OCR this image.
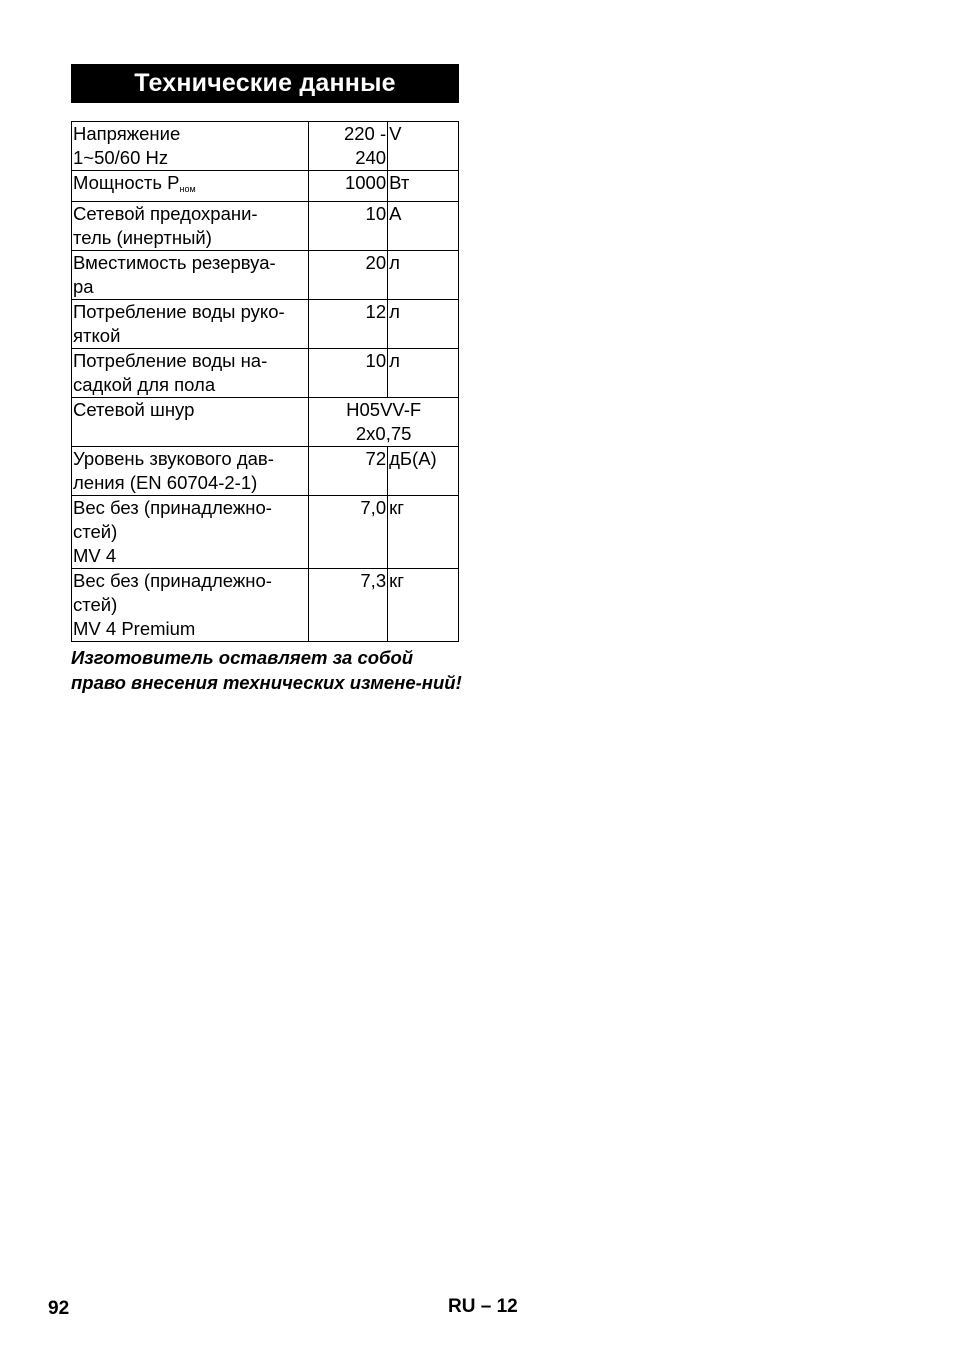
Технические данные
Напряжение
1~50/60 Hz	220 -
240	V
Мощность $P_{ном}$	1000	Вт
Сетевой предохрани-
тель (инертный)	10	A
Вместимость резервуа-
ра	20	л
Потребление воды руко-
яткой	12	л
Потребление воды на-
садкой для пола	10	л
Сетевой шнур	H05VV-F
2x0,75	
Уровень звукового дав-
ления (EN 60704-2-1)	72	дБ(A)
Вес без (принадлежно-
стей)
MV 4	7,0	кг
Вес без (принадлежно-
стей)
MV 4 Premium	7,3	кг
Изготовитель оставляет за собой право внесения технических измене-ний!
92	RU – 12
